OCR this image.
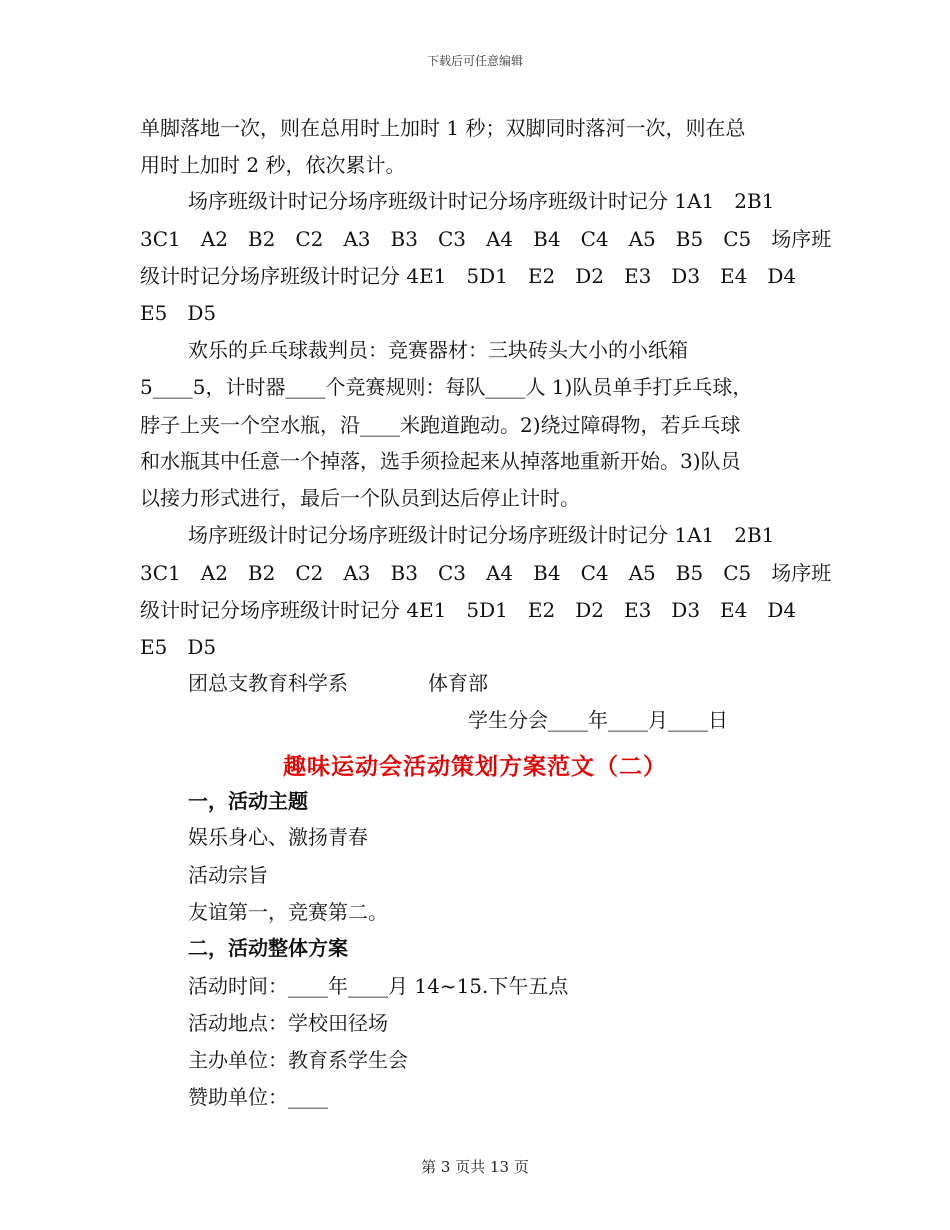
下载后可任意编辑
单脚落地一次，则在总用时上加时 1 秒；双脚同时落河一次，则在总
用时上加时 2 秒，依次累计。
场序班级计时记分场序班级计时记分场序班级计时记分 1A1　2B1
3C1　A2　B2　C2　A3　B3　C3　A4　B4　C4　A5　B5　C5　场序班
级计时记分场序班级计时记分 4E1　5D1　E2　D2　E3　D3　E4　D4
E5　D5
欢乐的乒乓球裁判员：竞赛器材：三块砖头大小的小纸箱
5____5，计时器____个竞赛规则：每队____人 1)队员单手打乒乓球，
脖子上夹一个空水瓶，沿____米跑道跑动。2)绕过障碍物，若乒乓球
和水瓶其中任意一个掉落，选手须捡起来从掉落地重新开始。3)队员
以接力形式进行，最后一个队员到达后停止计时。
场序班级计时记分场序班级计时记分场序班级计时记分 1A1　2B1
3C1　A2　B2　C2　A3　B3　C3　A4　B4　C4　A5　B5　C5　场序班
级计时记分场序班级计时记分 4E1　5D1　E2　D2　E3　D3　E4　D4
E5　D5
团总支教育科学系　　　　体育部
学生分会____年____月____日
趣味运动会活动策划方案范文（二）
一，活动主题
娱乐身心、激扬青春
活动宗旨
友谊第一，竞赛第二。
二，活动整体方案
活动时间：____年____月 14~15.下午五点
活动地点：学校田径场
主办单位：教育系学生会
赞助单位：____
第 3 页共 13 页
